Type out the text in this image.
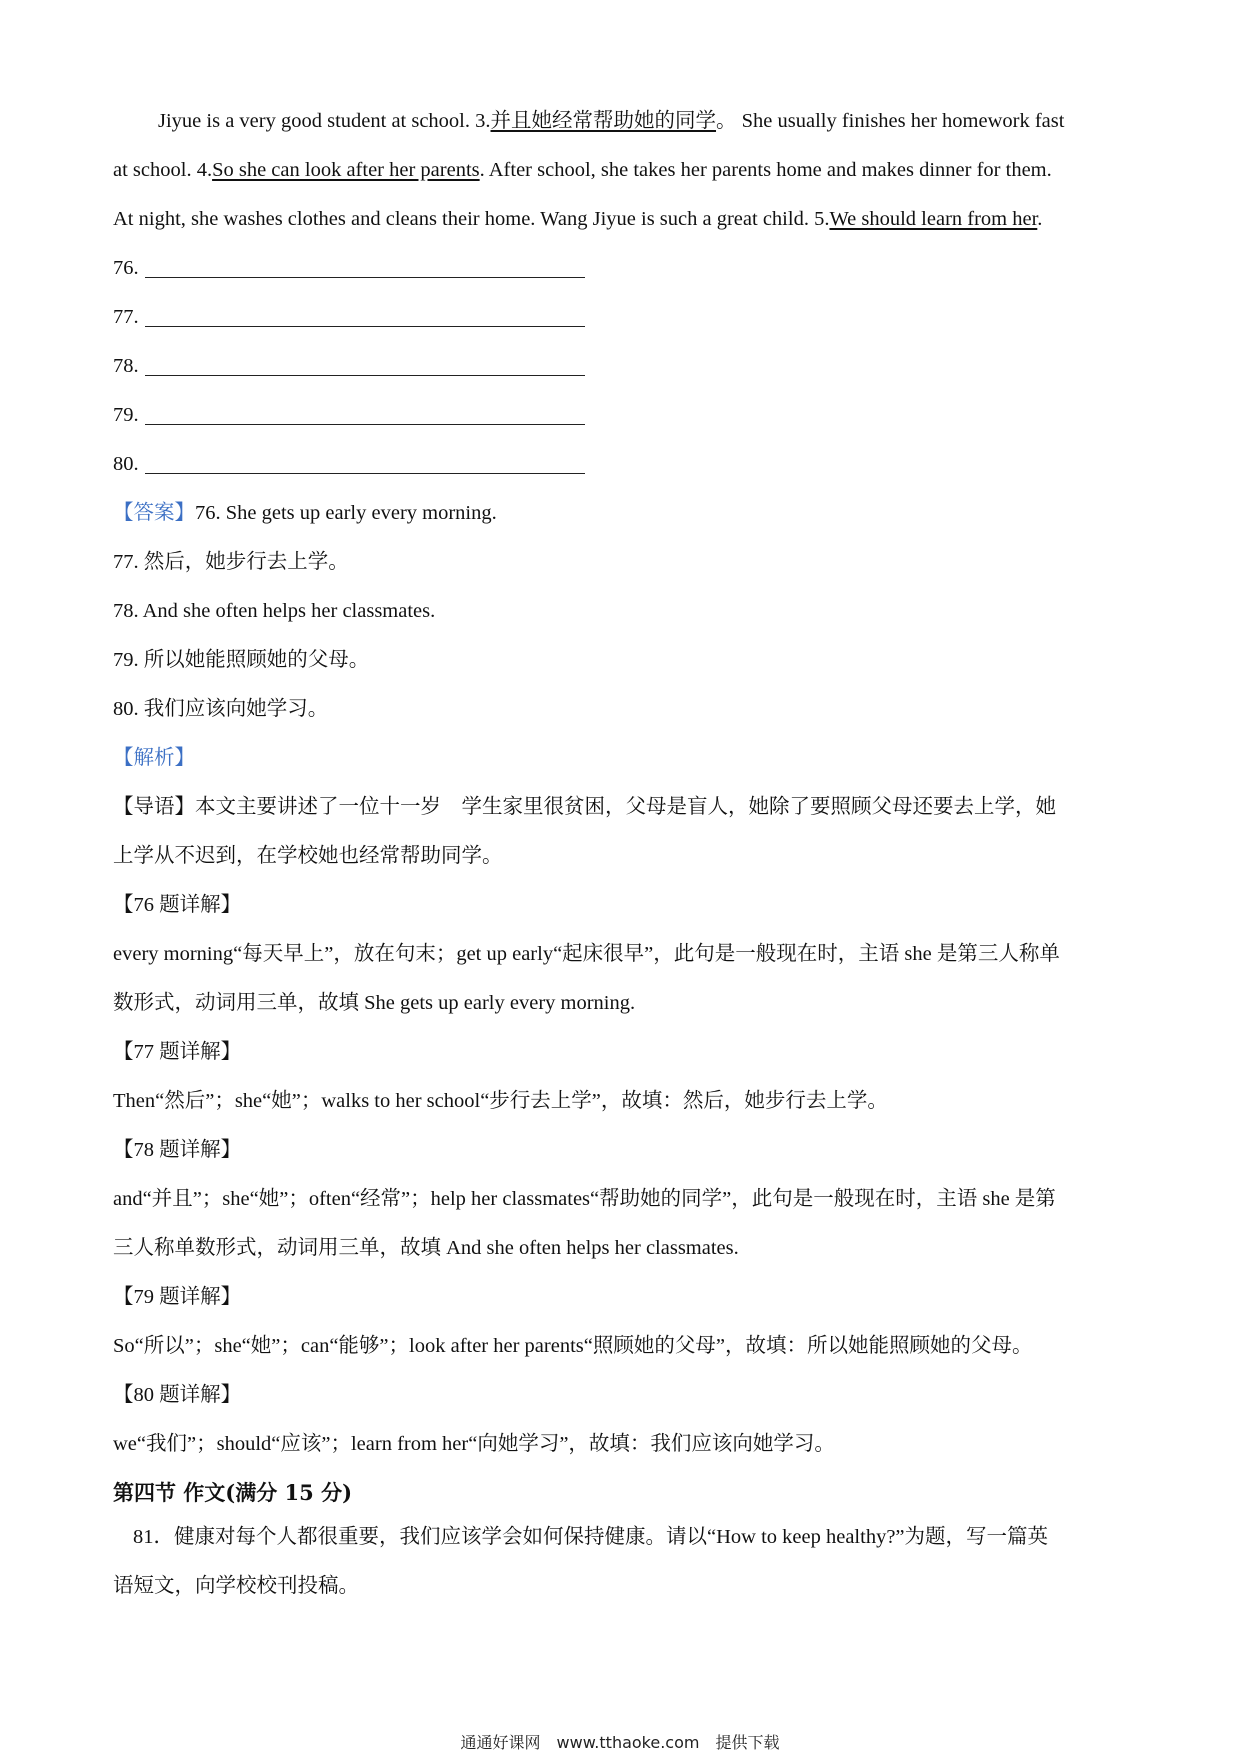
Jiyue is a very good student at school. 3.并且她经常帮助她的同学。 She usually finishes her homework fast
at school. 4.So she can look after her parents. After school, she takes her parents home and makes dinner for them.
At night, she washes clothes and cleans their home. Wang Jiyue is such a great child. 5.We should learn from her.
76.
77.
78.
79.
80.
【答案】76. She gets up early every morning.
77. 然后，她步行去上学。
78. And she often helps her classmates.
79. 所以她能照顾她的父母。
80. 我们应该向她学习。
【解析】
【导语】本文主要讲述了一位十一岁　学生家里很贫困，父母是盲人，她除了要照顾父母还要去上学，她
上学从不迟到，在学校她也经常帮助同学。
【76 题详解】
every morning“每天早上”，放在句末；get up early“起床很早”，此句是一般现在时，主语 she 是第三人称单
数形式，动词用三单，故填 She gets up early every morning.
【77 题详解】
Then“然后”；she“她”；walks to her school“步行去上学”，故填：然后，她步行去上学。
【78 题详解】
and“并且”；she“她”；often“经常”；help her classmates“帮助她的同学”，此句是一般现在时，主语 she 是第
三人称单数形式，动词用三单，故填 And she often helps her classmates.
【79 题详解】
So“所以”；she“她”；can“能够”；look after her parents“照顾她的父母”，故填：所以她能照顾她的父母。
【80 题详解】
we“我们”；should“应该”；learn from her“向她学习”，故填：我们应该向她学习。
第四节 作文(满分 15 分)
81．健康对每个人都很重要，我们应该学会如何保持健康。请以“How to keep healthy?”为题，写一篇英
语短文，向学校校刊投稿。
通通好课网　www.tthaoke.com　提供下载
